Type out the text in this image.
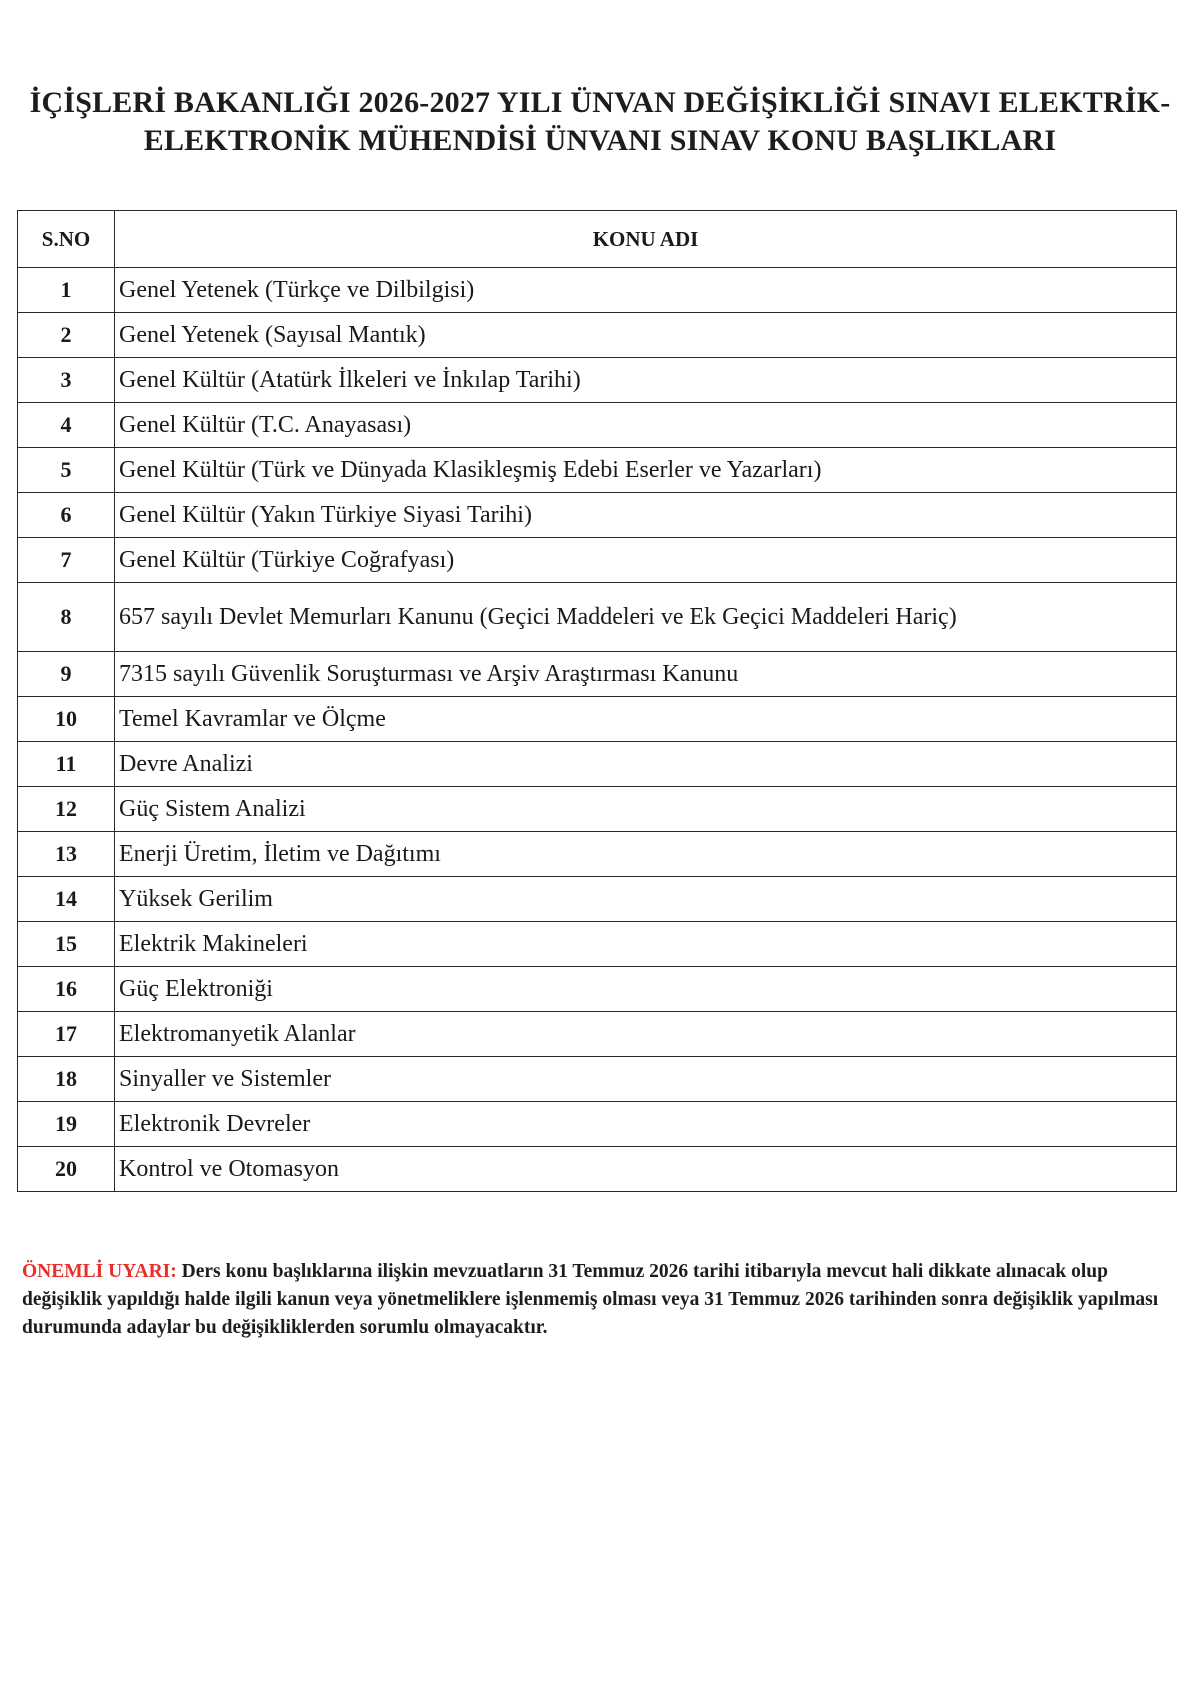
İÇİŞLERİ BAKANLIĞI 2026-2027 YILI ÜNVAN DEĞİŞİKLİĞİ SINAVI ELEKTRİK-
ELEKTRONİK MÜHENDİSİ ÜNVANI SINAV KONU BAŞLIKLARI
S.NO	KONU ADI
1	Genel Yetenek (Türkçe ve Dilbilgisi)
2	Genel Yetenek (Sayısal Mantık)
3	Genel Kültür (Atatürk İlkeleri ve İnkılap Tarihi)
4	Genel Kültür (T.C. Anayasası)
5	Genel Kültür (Türk ve Dünyada Klasikleşmiş Edebi Eserler ve Yazarları)
6	Genel Kültür (Yakın Türkiye Siyasi Tarihi)
7	Genel Kültür (Türkiye Coğrafyası)
8	657 sayılı Devlet Memurları Kanunu (Geçici Maddeleri ve Ek Geçici Maddeleri Hariç)
9	7315 sayılı Güvenlik Soruşturması ve Arşiv Araştırması Kanunu
10	Temel Kavramlar ve Ölçme
11	Devre Analizi
12	Güç Sistem Analizi
13	Enerji Üretim, İletim ve Dağıtımı
14	Yüksek Gerilim
15	Elektrik Makineleri
16	Güç Elektroniği
17	Elektromanyetik Alanlar
18	Sinyaller ve Sistemler
19	Elektronik Devreler
20	Kontrol ve Otomasyon

ÖNEMLİ UYARI: Ders konu başlıklarına ilişkin mevzuatların 31 Temmuz 2026 tarihi itibarıyla mevcut hali dikkate alınacak olup değişiklik yapıldığı halde ilgili kanun veya yönetmeliklere işlenmemiş olması veya 31 Temmuz 2026 tarihinden sonra değişiklik yapılması durumunda adaylar bu değişikliklerden sorumlu olmayacaktır.
